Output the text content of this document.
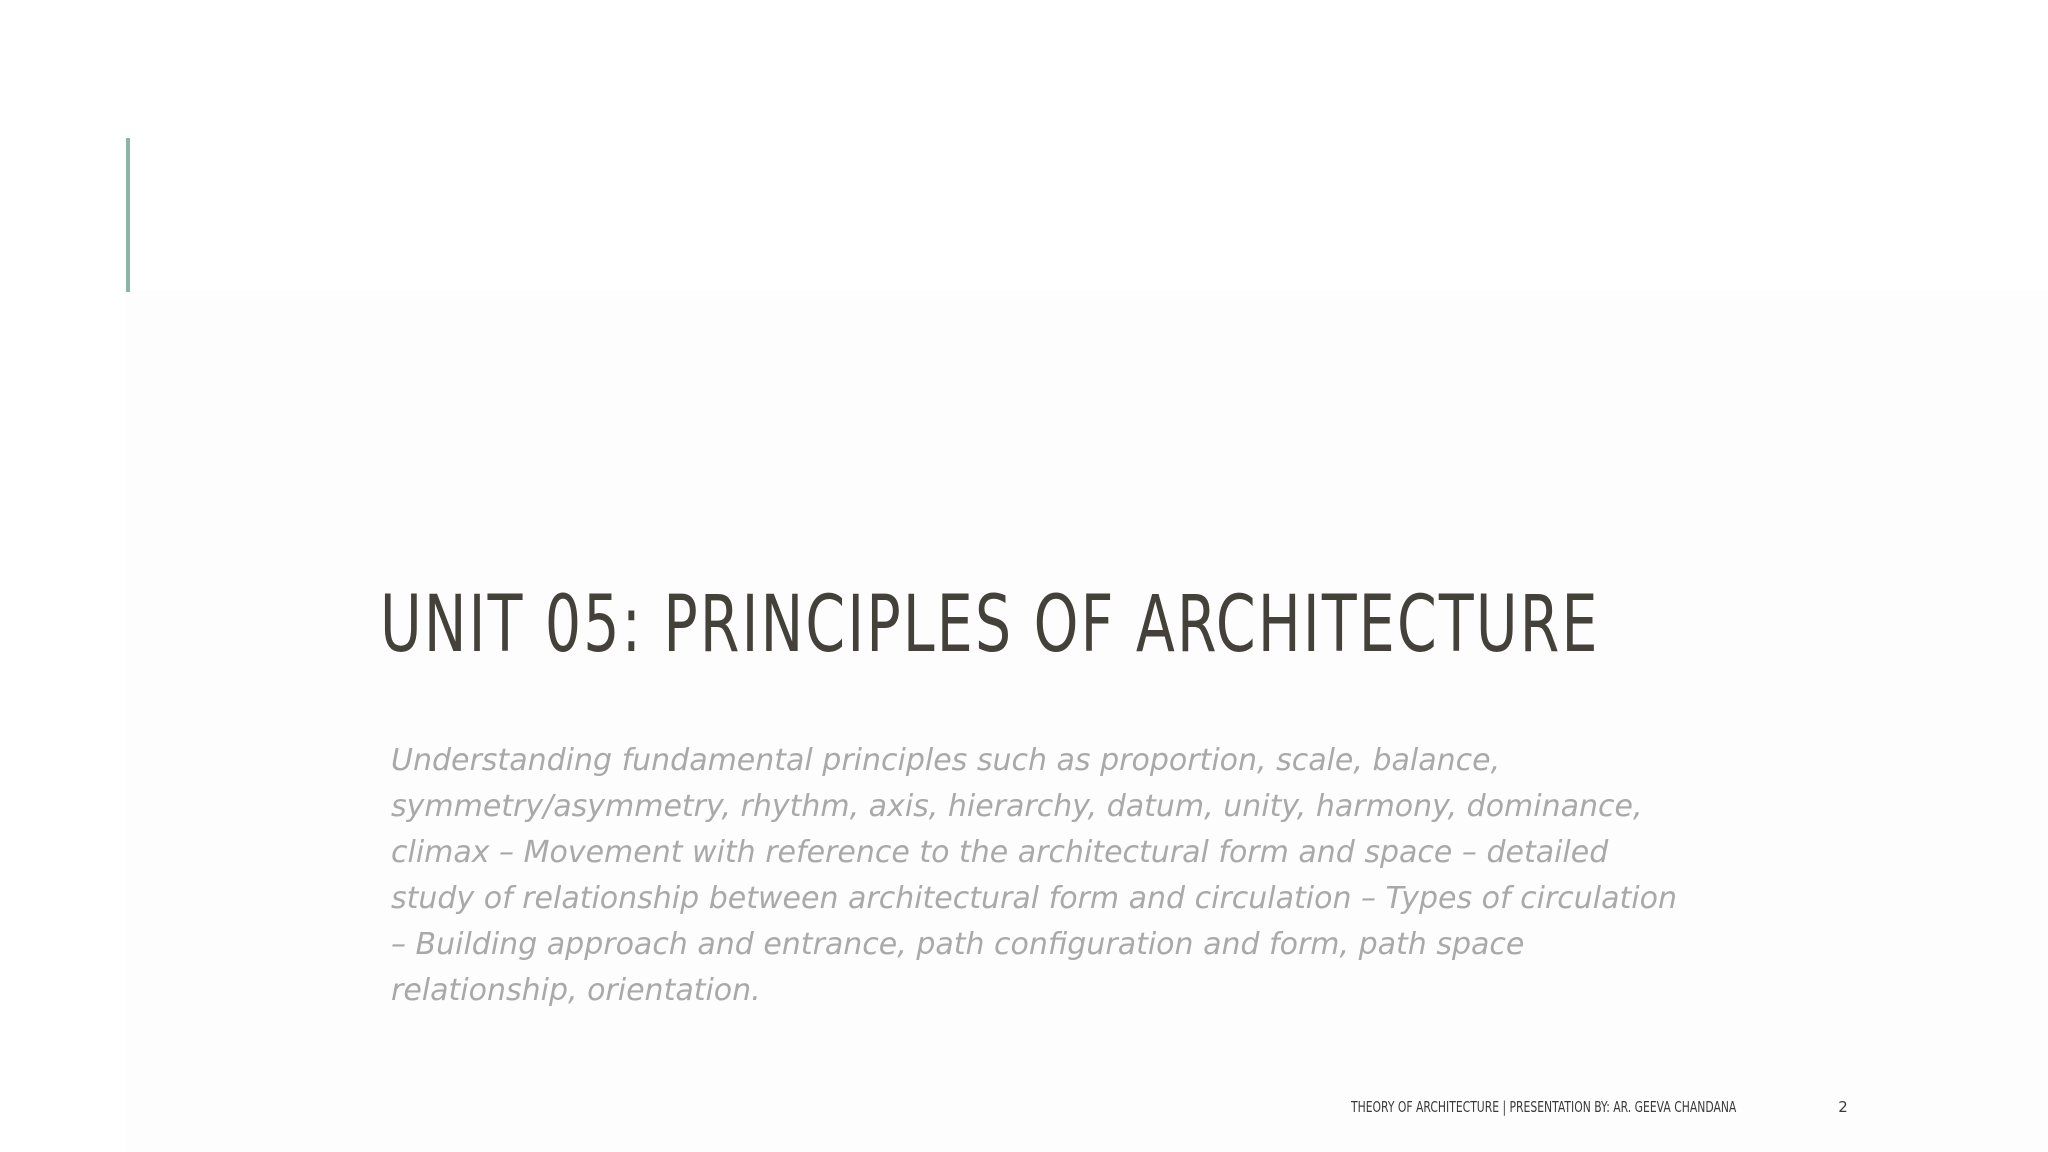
UNIT 05: PRINCIPLES OF ARCHITECTURE

Understanding fundamental principles such as proportion, scale, balance, symmetry/asymmetry, rhythm, axis, hierarchy, datum, unity, harmony, dominance, climax – Movement with reference to the architectural form and space – detailed study of relationship between architectural form and circulation – Types of circulation – Building approach and entrance, path configuration and form, path space relationship, orientation.

THEORY OF ARCHITECTURE | PRESENTATION BY: AR. GEEVA CHANDANA	2
